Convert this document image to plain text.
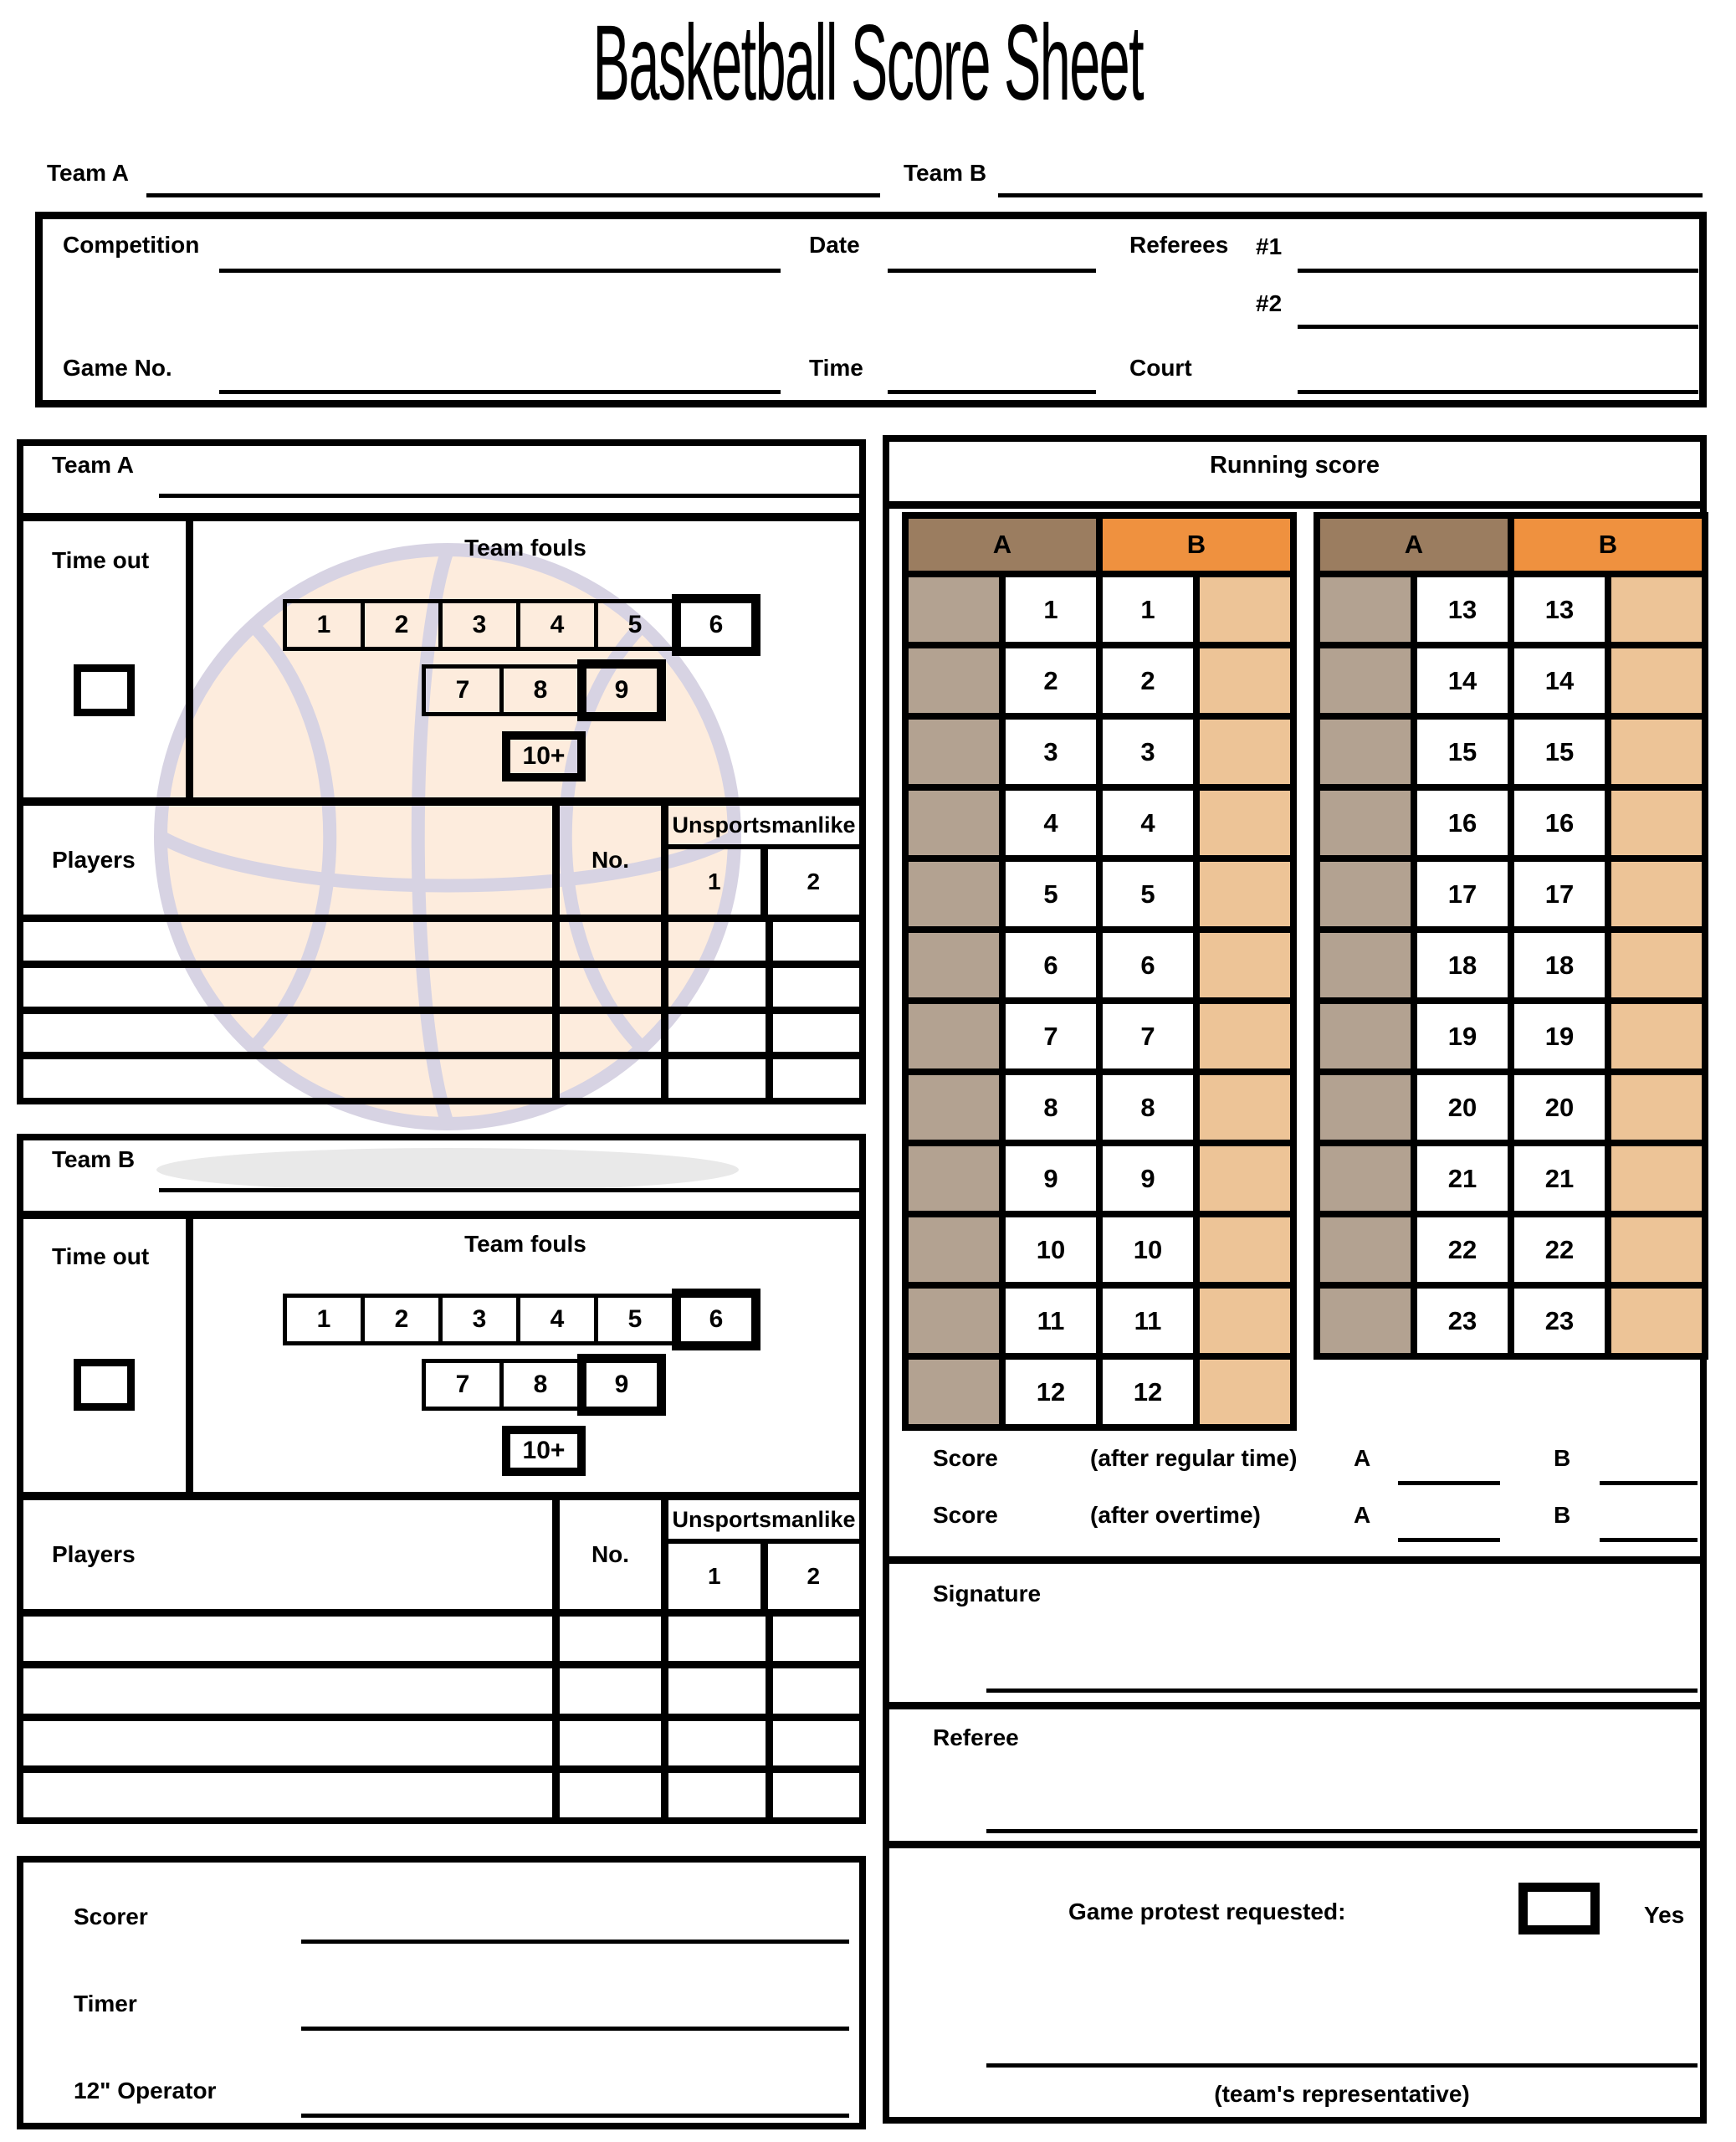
Basketball Score Sheet
Team A	Team B
Competition	Date	Referees #1
#2
Game No.	Time	Court
Team A
Time out	Team fouls
1	2	3	4	5	6
7	8	9
10+
Players	No.
Unsportsmanlike
1	2
Team B
Time out	Team fouls
1	2	3	4	5	6
7	8	9
10+
Players	No.
Unsportsmanlike
1	2
Scorer
Timer
12" Operator
Running score
A	B
1	1
2	2
3	3
4	4
5	5
6	6
7	7
8	8
9	9
10	10
11	11
12	12
A	B
13	13
14	14
15	15
16	16
17	17
18	18
19	19
20	20
21	21
22	22
23	23
Score	(after regular time) A	B
Score	(after overtime)	A	B
Signature
Referee
Game protest requested:	Yes
(team's representative)
